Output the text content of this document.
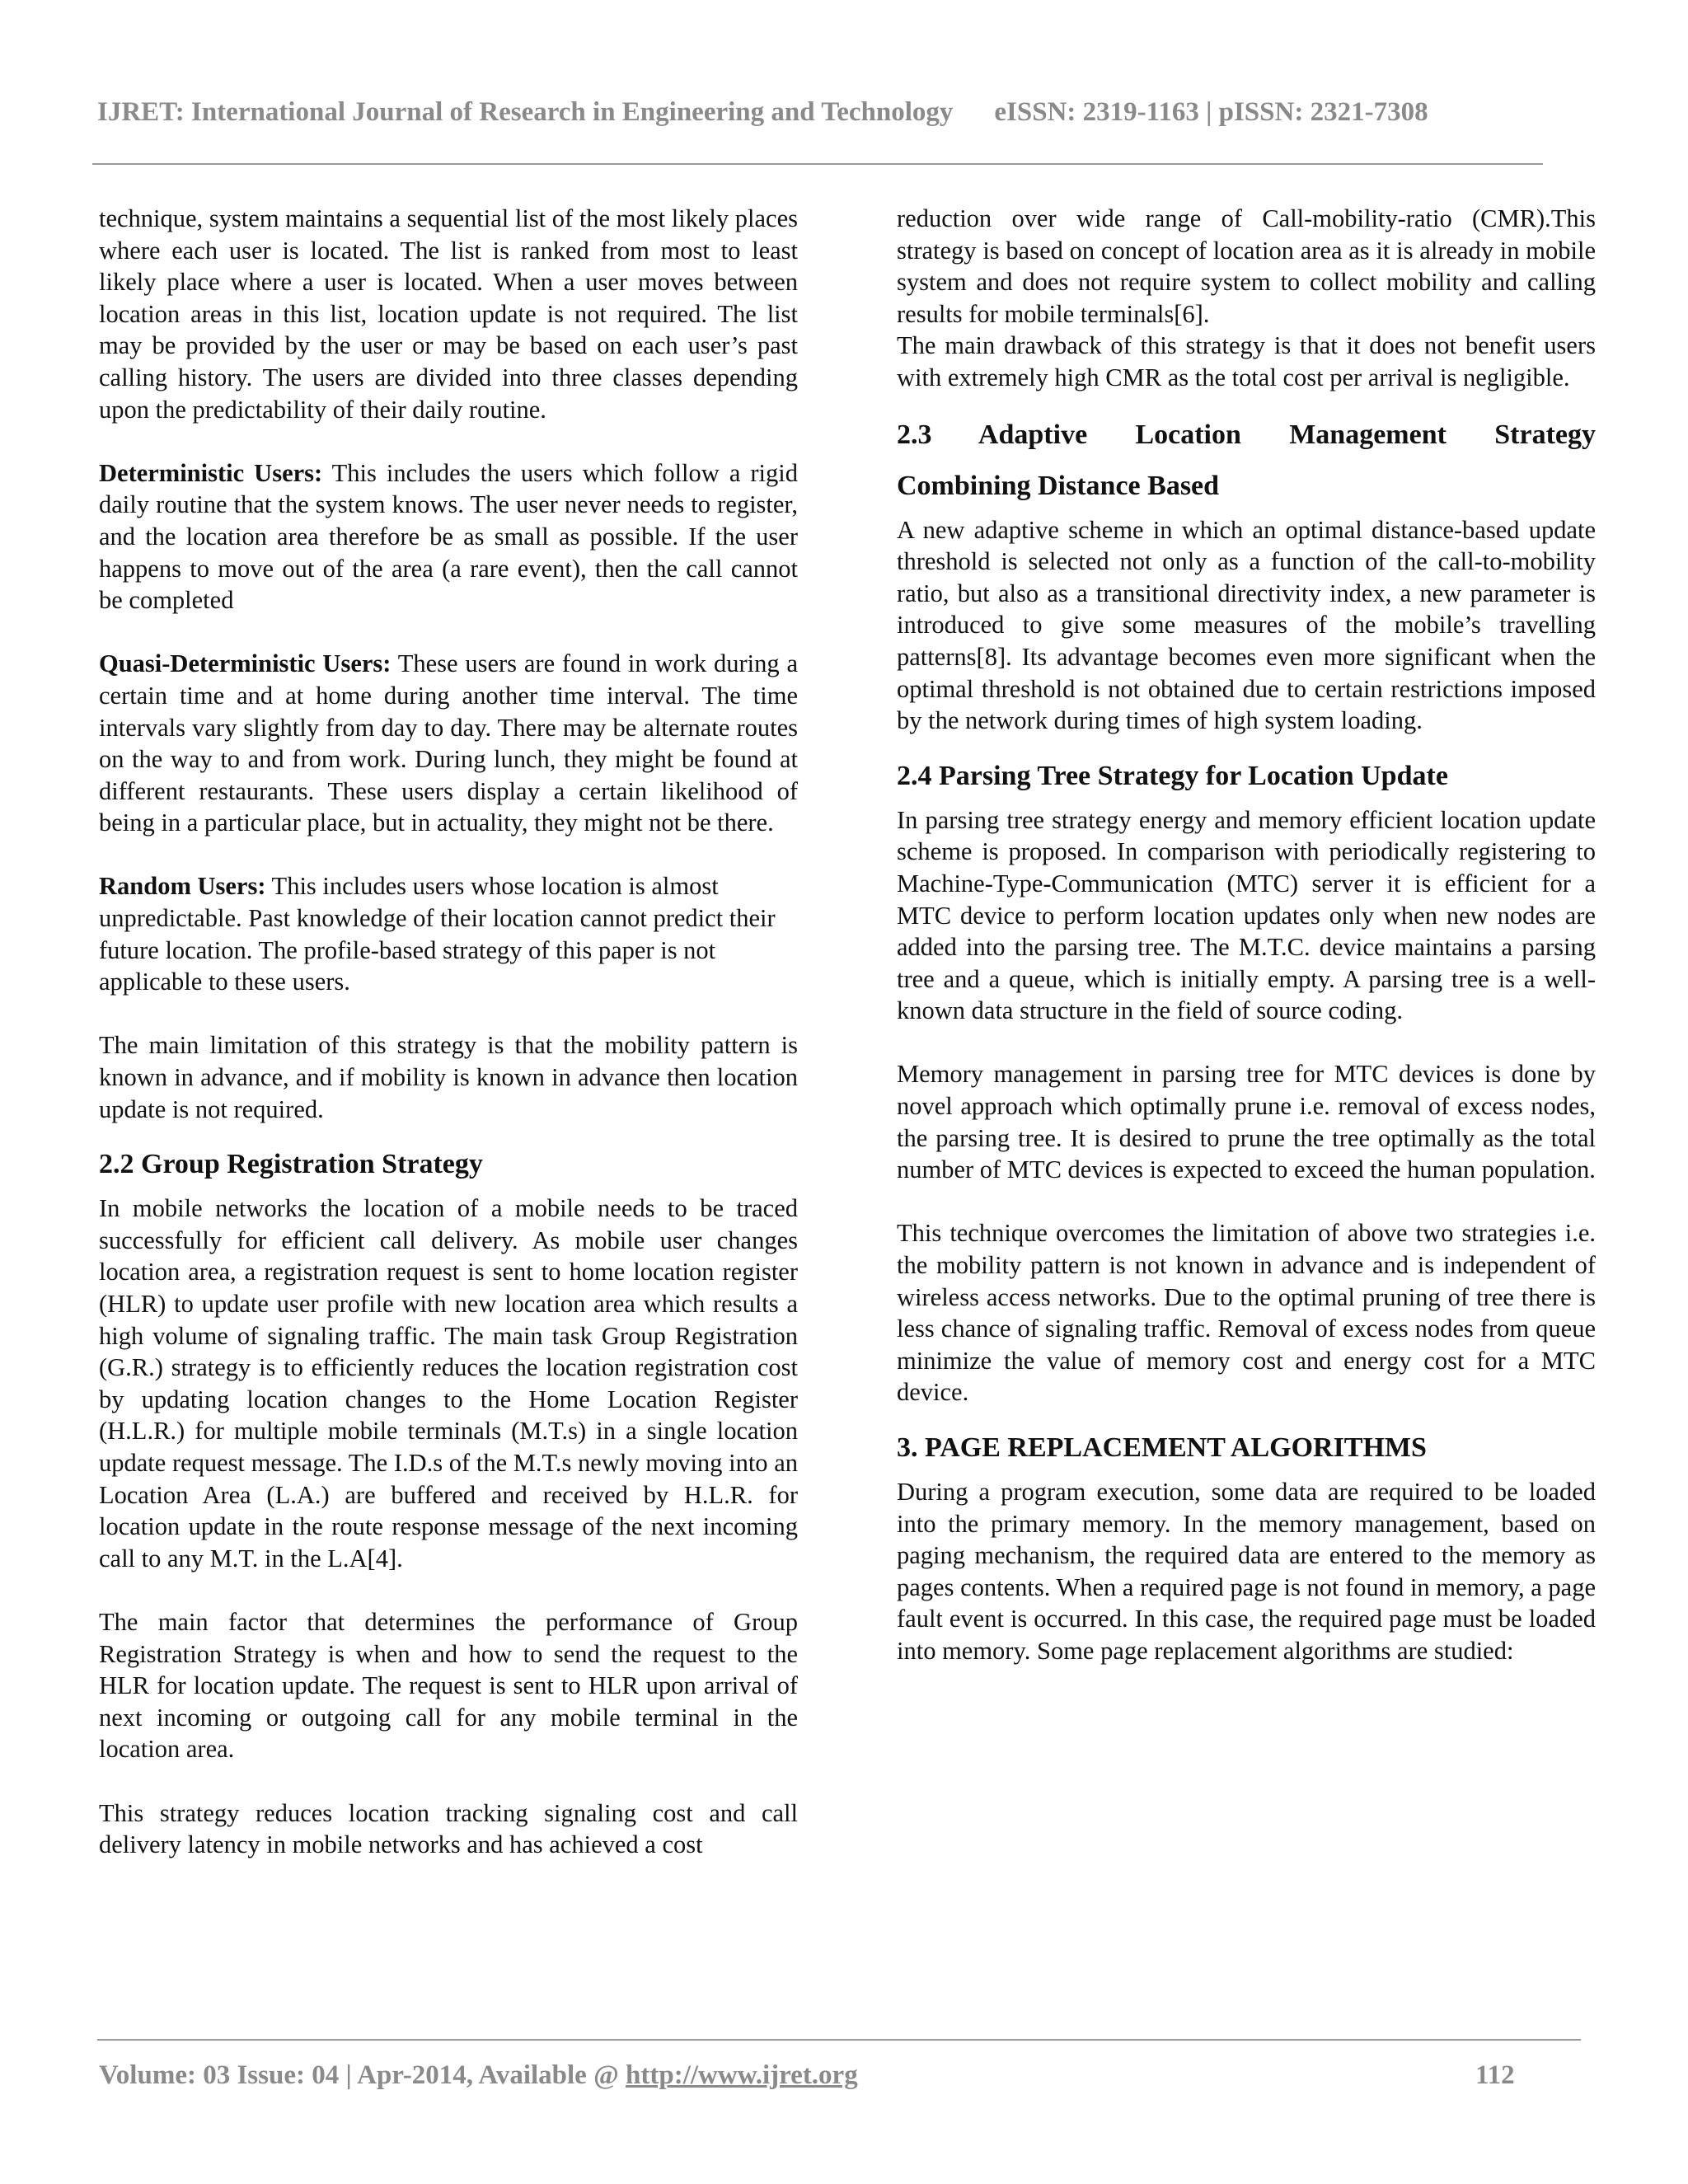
IJRET: International Journal of Research in Engineering and Technology eISSN: 2319-1163 | pISSN: 2321-7308

technique, system maintains a sequential list of the most likely places where each user is located. The list is ranked from most to least likely place where a user is located. When a user moves between location areas in this list, location update is not required. The list may be provided by the user or may be based on each user’s past calling history. The users are divided into three classes depending upon the predictability of their daily routine.

Deterministic Users: This includes the users which follow a rigid daily routine that the system knows. The user never needs to register, and the location area therefore be as small as possible. If the user happens to move out of the area (a rare event), then the call cannot be completed

Quasi-Deterministic Users: These users are found in work during a certain time and at home during another time interval. The time intervals vary slightly from day to day. There may be alternate routes on the way to and from work. During lunch, they might be found at different restaurants. These users display a certain likelihood of being in a particular place, but in actuality, they might not be there.

Random Users: This includes users whose location is almost unpredictable. Past knowledge of their location cannot predict their future location. The profile-based strategy of this paper is not applicable to these users.

The main limitation of this strategy is that the mobility pattern is known in advance, and if mobility is known in advance then location update is not required.

2.2 Group Registration Strategy

In mobile networks the location of a mobile needs to be traced successfully for efficient call delivery. As mobile user changes location area, a registration request is sent to home location register (HLR) to update user profile with new location area which results a high volume of signaling traffic. The main task Group Registration (G.R.) strategy is to efficiently reduces the location registration cost by updating location changes to the Home Location Register (H.L.R.) for multiple mobile terminals (M.T.s) in a single location update request message. The I.D.s of the M.T.s newly moving into an Location Area (L.A.) are buffered and received by H.L.R. for location update in the route response message of the next incoming call to any M.T. in the L.A[4].

The main factor that determines the performance of Group Registration Strategy is when and how to send the request to the HLR for location update. The request is sent to HLR upon arrival of next incoming or outgoing call for any mobile terminal in the location area.

This strategy reduces location tracking signaling cost and call delivery latency in mobile networks and has achieved a cost

reduction over wide range of Call-mobility-ratio (CMR).This strategy is based on concept of location area as it is already in mobile system and does not require system to collect mobility and calling results for mobile terminals[6].

The main drawback of this strategy is that it does not benefit users with extremely high CMR as the total cost per arrival is negligible.

2.3 Adaptive Location Management Strategy
Combining Distance Based

A new adaptive scheme in which an optimal distance-based update threshold is selected not only as a function of the call-to-mobility ratio, but also as a transitional directivity index, a new parameter is introduced to give some measures of the mobile’s travelling patterns[8]. Its advantage becomes even more significant when the optimal threshold is not obtained due to certain restrictions imposed by the network during times of high system loading.

2.4 Parsing Tree Strategy for Location Update

In parsing tree strategy energy and memory efficient location update scheme is proposed. In comparison with periodically registering to Machine-Type-Communication (MTC) server it is efficient for a MTC device to perform location updates only when new nodes are added into the parsing tree. The M.T.C. device maintains a parsing tree and a queue, which is initially empty. A parsing tree is a well-known data structure in the field of source coding.

Memory management in parsing tree for MTC devices is done by novel approach which optimally prune i.e. removal of excess nodes, the parsing tree. It is desired to prune the tree optimally as the total number of MTC devices is expected to exceed the human population.

This technique overcomes the limitation of above two strategies i.e. the mobility pattern is not known in advance and is independent of wireless access networks. Due to the optimal pruning of tree there is less chance of signaling traffic. Removal of excess nodes from queue minimize the value of memory cost and energy cost for a MTC device.

3. PAGE REPLACEMENT ALGORITHMS

During a program execution, some data are required to be loaded into the primary memory. In the memory management, based on paging mechanism, the required data are entered to the memory as pages contents. When a required page is not found in memory, a page fault event is occurred. In this case, the required page must be loaded into memory. Some page replacement algorithms are studied:

Volume: 03 Issue: 04 | Apr-2014, Available @ http://www.ijret.org	112
